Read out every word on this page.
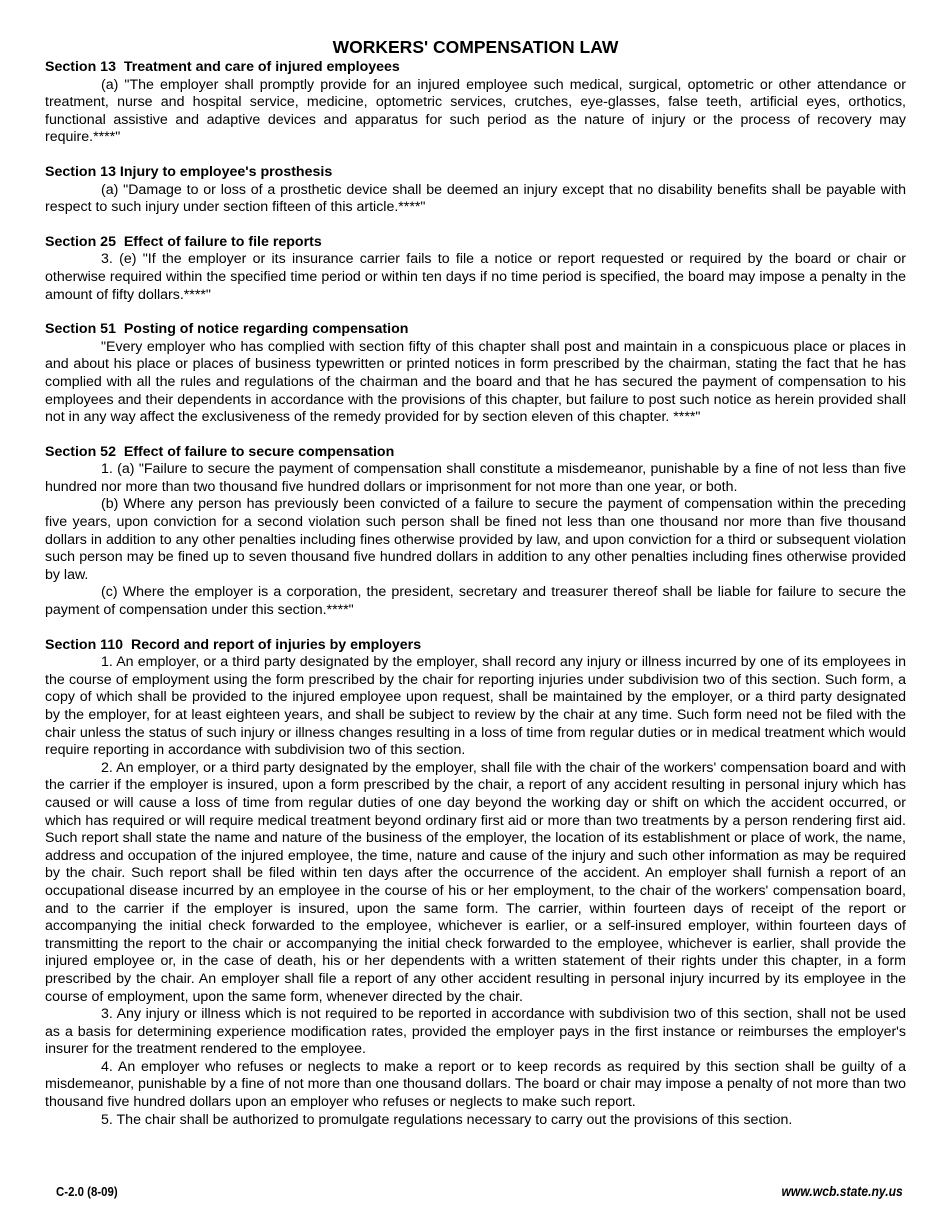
WORKERS' COMPENSATION LAW
Section 13  Treatment and care of injured employees

(a) "The employer shall promptly provide for an injured employee such medical, surgical, optometric or other attendance or treatment, nurse and hospital service, medicine, optometric services, crutches, eye-glasses, false teeth, artificial eyes, orthotics, functional assistive and adaptive devices and apparatus for such period as the nature of injury or the process of recovery may require.****"

Section 13 Injury to employee's prosthesis

(a) "Damage to or loss of a prosthetic device shall be deemed an injury except that no disability benefits shall be payable with respect to such injury under section fifteen of this article.****"

Section 25  Effect of failure to file reports

3. (e) "If the employer or its insurance carrier fails to file a notice or report requested or required by the board or chair or otherwise required within the specified time period or within ten days if no time period is specified, the board may impose a penalty in the amount of fifty dollars.****"

Section 51  Posting of notice regarding compensation

"Every employer who has complied with section fifty of this chapter shall post and maintain in a conspicuous place or places in and about his place or places of business typewritten or printed notices in form prescribed by the chairman, stating the fact that he has complied with all the rules and regulations of the chairman and the board and that he has secured the payment of compensation to his employees and their dependents in accordance with the provisions of this chapter, but failure to post such notice as herein provided shall not in any way affect the exclusiveness of the remedy provided for by section eleven of this chapter. ****"

Section 52  Effect of failure to secure compensation

1. (a) "Failure to secure the payment of compensation shall constitute a misdemeanor, punishable by a fine of not less than five hundred nor more than two thousand five hundred dollars or imprisonment for not more than one year, or both.

(b) Where any person has previously been convicted of a failure to secure the payment of compensation within the preceding five years, upon conviction for a second violation such person shall be fined not less than one thousand nor more than five thousand dollars in addition to any other penalties including fines otherwise provided by law, and upon conviction for a third or subsequent violation such person may be fined up to seven thousand five hundred dollars in addition to any other penalties including fines otherwise provided by law.

(c) Where the employer is a corporation, the president, secretary and treasurer thereof shall be liable for failure to secure the payment of compensation under this section.****"

Section 110  Record and report of injuries by employers

1. An employer, or a third party designated by the employer, shall record any injury or illness incurred by one of its employees in the course of employment using the form prescribed by the chair for reporting injuries under subdivision two of this section. Such form, a copy of which shall be provided to the injured employee upon request, shall be maintained by the employer, or a third party designated by the employer, for at least eighteen years, and shall be subject to review by the chair at any time. Such form need not be filed with the chair unless the status of such injury or illness changes resulting in a loss of time from regular duties or in medical treatment which would require reporting in accordance with subdivision two of this section.

2. An employer, or a third party designated by the employer, shall file with the chair of the workers' compensation board and with the carrier if the employer is insured, upon a form prescribed by the chair, a report of any accident resulting in personal injury which has caused or will cause a loss of time from regular duties of one day beyond the working day or shift on which the accident occurred, or which has required or will require medical treatment beyond ordinary first aid or more than two treatments by a person rendering first aid. Such report shall state the name and nature of the business of the employer, the location of its establishment or place of work, the name, address and occupation of the injured employee, the time, nature and cause of the injury and such other information as may be required by the chair. Such report shall be filed within ten days after the occurrence of the accident. An employer shall furnish a report of an occupational disease incurred by an employee in the course of his or her employment, to the chair of the workers' compensation board, and to the carrier if the employer is insured, upon the same form. The carrier, within fourteen days of receipt of the report or accompanying the initial check forwarded to the employee, whichever is earlier, or a self-insured employer, within fourteen days of transmitting the report to the chair or accompanying the initial check forwarded to the employee, whichever is earlier, shall provide the injured employee or, in the case of death, his or her dependents with a written statement of their rights under this chapter, in a form prescribed by the chair. An employer shall file a report of any other accident resulting in personal injury incurred by its employee in the course of employment, upon the same form, whenever directed by the chair.

3. Any injury or illness which is not required to be reported in accordance with subdivision two of this section, shall not be used as a basis for determining experience modification rates, provided the employer pays in the first instance or reimburses the employer's insurer for the treatment rendered to the employee.

4. An employer who refuses or neglects to make a report or to keep records as required by this section shall be guilty of a misdemeanor, punishable by a fine of not more than one thousand dollars. The board or chair may impose a penalty of not more than two thousand five hundred dollars upon an employer who refuses or neglects to make such report.

5. The chair shall be authorized to promulgate regulations necessary to carry out the provisions of this section.

C-2.0 (8-09)	www.wcb.state.ny.us
